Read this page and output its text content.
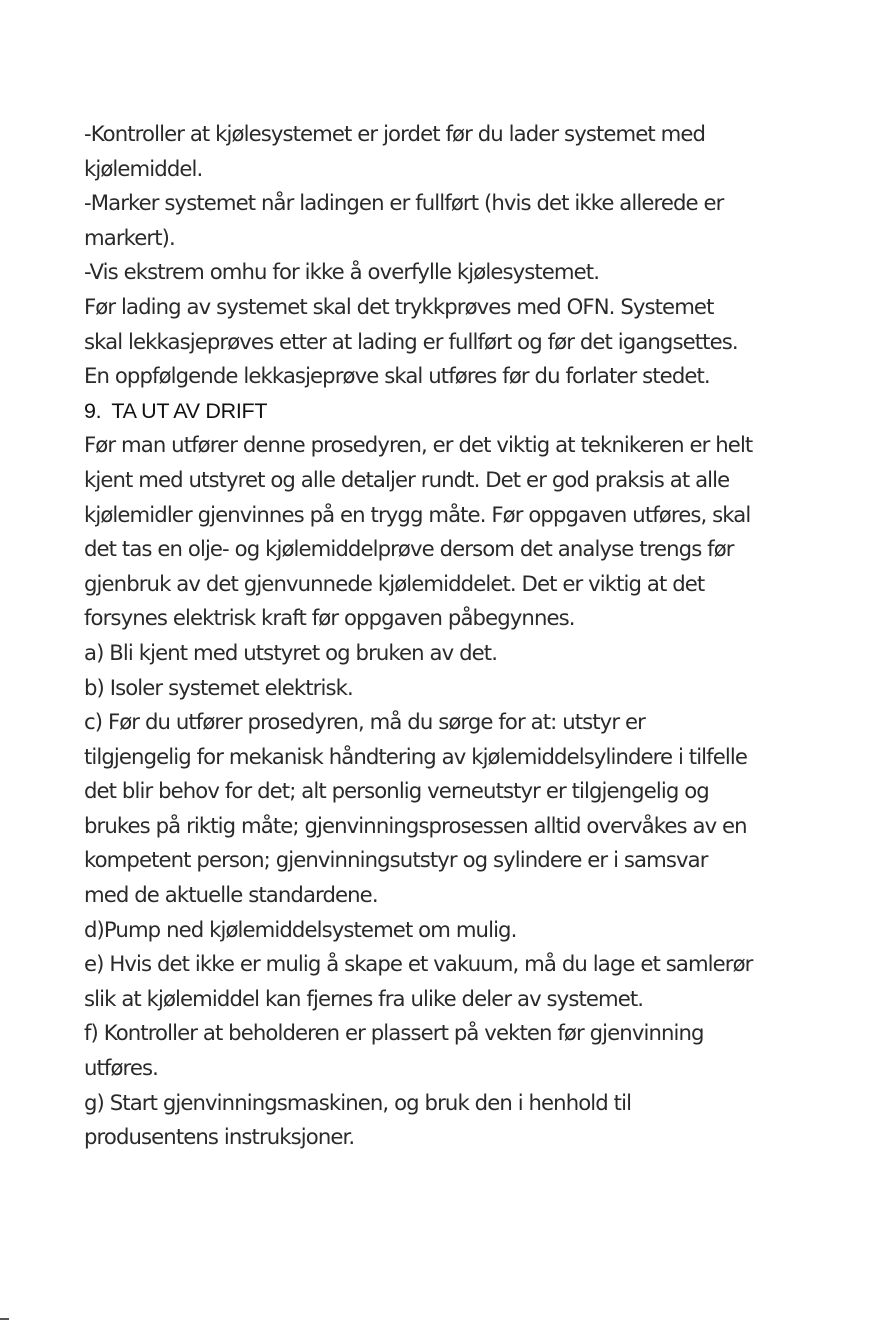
-Kontroller at kjølesystemet er jordet før du lader systemet med
kjølemiddel.
-Marker systemet når ladingen er fullført (hvis det ikke allerede er
markert).
-Vis ekstrem omhu for ikke å overfylle kjølesystemet.
Før lading av systemet skal det trykkprøves med OFN. Systemet
skal lekkasjeprøves etter at lading er fullført og før det igangsettes.
En oppfølgende lekkasjeprøve skal utføres før du forlater stedet.
9. TA UT AV DRIFT
Før man utfører denne prosedyren, er det viktig at teknikeren er helt
kjent med utstyret og alle detaljer rundt. Det er god praksis at alle
kjølemidler gjenvinnes på en trygg måte. Før oppgaven utføres, skal
det tas en olje- og kjølemiddelprøve dersom det analyse trengs før
gjenbruk av det gjenvunnede kjølemiddelet. Det er viktig at det
forsynes elektrisk kraft før oppgaven påbegynnes.
a) Bli kjent med utstyret og bruken av det.
b) Isoler systemet elektrisk.
c) Før du utfører prosedyren, må du sørge for at: utstyr er
tilgjengelig for mekanisk håndtering av kjølemiddelsylindere i tilfelle
det blir behov for det; alt personlig verneutstyr er tilgjengelig og
brukes på riktig måte; gjenvinningsprosessen alltid overvåkes av en
kompetent person; gjenvinningsutstyr og sylindere er i samsvar
med de aktuelle standardene.
d)Pump ned kjølemiddelsystemet om mulig.
e) Hvis det ikke er mulig å skape et vakuum, må du lage et samlerør
slik at kjølemiddel kan fjernes fra ulike deler av systemet.
f) Kontroller at beholderen er plassert på vekten før gjenvinning
utføres.
g) Start gjenvinningsmaskinen, og bruk den i henhold til
produsentens instruksjoner.
